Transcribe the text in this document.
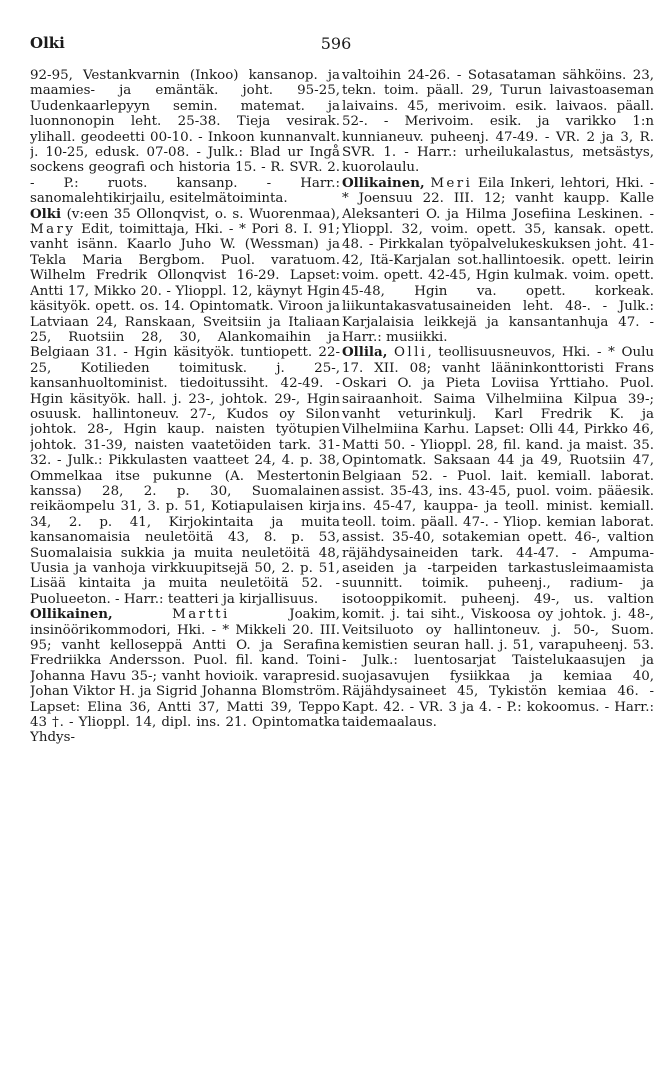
Olki	596

92-95, Vestankvarnin (Inkoo) kansanop. ja maamies- ja emäntäk. joht. 95-25, Uudenkaarlepyyn semin. matemat. ja luonnonopin leht. 25-38. Tieja vesirak. ylihall. geodeetti 00-10. - Inkoon kunnanvalt. j. 10-25, edusk. 07-08. - Julk.: Blad ur Ingå sockens geografi och historia 15. - R. SVR. 2. - P.: ruots. kansanp. - Harr.: sanomalehtikirjailu, esitelmätoiminta.

Olki (v:een 35 Ollonqvist, o. s. Wuorenmaa), Mary Edit, toimittaja, Hki. - * Pori 8. I. 91; vanht isänn. Kaarlo Juho W. (Wessman) ja Tekla Maria Bergbom. Puol. varatuom. Wilhelm Fredrik Ollonqvist 16-29. Lapset: Antti 17, Mikko 20. - Ylioppl. 12, käynyt Hgin käsityök. opett. os. 14. Opintomatk. Viroon ja Latviaan 24, Ranskaan, Sveitsiin ja Italiaan 25, Ruotsiin 28, 30, Alankomaihin ja Belgiaan 31. - Hgin käsityök. tuntiopett. 22-25, Kotilieden toimitusk. j. 25-, kansanhuoltominist. tiedoitussiht. 42-49. - Hgin käsityök. hall. j. 23-, johtok. 29-, Hgin osuusk. hallintoneuv. 27-, Kudos oy Silon johtok. 28-, Hgin kaup. naisten työtupien johtok. 31-39, naisten vaatetöiden tark. 31-32. - Julk.: Pikkulasten vaatteet 24, 4. p. 38, Ommelkaa itse pukunne (A. Mestertonin kanssa) 28, 2. p. 30, Suomalainen reikäompelu 31, 3. p. 51, Kotiapulaisen kirja 34, 2. p. 41, Kirjokintaita ja muita kansanomaisia neuletöitä 43, 8. p. 53, Suomalaisia sukkia ja muita neuletöitä 48, Uusia ja vanhoja virkkuupitsejä 50, 2. p. 51, Lisää kintaita ja muita neuletöitä 52. - Puolueeton. - Harr.: teatteri ja kirjallisuus.

Ollikainen,	Martti Joakim, insinöörikommodori, Hki. - * Mikkeli 20. III. 95; vanht kelloseppä Antti O. ja Serafina Fredriikka Andersson. Puol. fil. kand. Toini Johanna Havu 35-; vanht hovioik. varapresid. Johan Viktor H. ja Sigrid Johanna Blomström. Lapset: Elina 36, Antti 37, Matti 39, Teppo 43 †. - Ylioppl. 14, dipl. ins. 21. Opintomatka Yhdys-

valtoihin 24-26. - Sotasataman sähköins. 23, tekn. toim. päall. 29, Turun laivastoaseman laivains. 45, merivoim. esik. laivaos. päall. 52-. - Merivoim. esik. ja varikko 1:n kunnianeuv. puheenj. 47-49. - VR. 2 ja 3, R. SVR. 1. - Harr.: urheilukalastus, metsästys, kuorolaulu.

Ollikainen, Meri Eila Inkeri, lehtori, Hki. - * Joensuu 22. III. 12; vanht kaupp. Kalle Aleksanteri O. ja Hilma Josefiina Leskinen. - Ylioppl. 32, voim. opett. 35, kansak. opett. 48. - Pirkkalan työpalvelukeskuksen joht. 41-42, Itä-Karjalan sot.hallintoesik. opett. leirin voim. opett. 42-45, Hgin kulmak. voim. opett. 45-48, Hgin va. opett. korkeak. liikuntakasvatusaineiden leht. 48-. - Julk.: Karjalaisia leikkejä ja kansantanhuja 47. - Harr.: musiikki.

Ollila, Olli, teollisuusneuvos, Hki. - * Oulu 17. XII. 08; vanht lääninkonttoristi Frans Oskari O. ja Pieta Loviisa Yrttiaho. Puol. sairaanhoit. Saima Vilhelmiina Kilpua 39-; vanht veturinkulj. Karl Fredrik K. ja Vilhelmiina Karhu. Lapset: Olli 44, Pirkko 46, Matti 50. - Ylioppl. 28, fil. kand. ja maist. 35. Opintomatk. Saksaan 44 ja 49, Ruotsiin 47, Belgiaan 52. - Puol. lait. kemiall. laborat. assist. 35-43, ins. 43-45, puol. voim. pääesik. ins. 45-47, kauppa- ja teoll. minist. kemiall. teoll. toim. päall. 47-. - Yliop. kemian laborat. assist. 35-40, sotakemian opett. 46-, valtion räjähdysaineiden tark. 44-47. - Ampuma-aseiden ja -tarpeiden tarkastusleimaamista suunnitt. toimik. puheenj., radium- ja isotooppikomit. puheenj. 49-, us. valtion komit. j. tai siht., Viskoosa oy johtok. j. 48-, Veitsiluoto oy hallintoneuv. j. 50-, Suom. kemistien seuran hall. j. 51, varapuheenj. 53. - Julk.: luentosarjat Taistelukaasujen ja suojasavujen fysiikkaa ja kemiaa 40, Räjähdysaineet 45, Tykistön kemiaa 46. - Kapt. 42. - VR. 3 ja 4. - P.: kokoomus. - Harr.: taidemaalaus.
